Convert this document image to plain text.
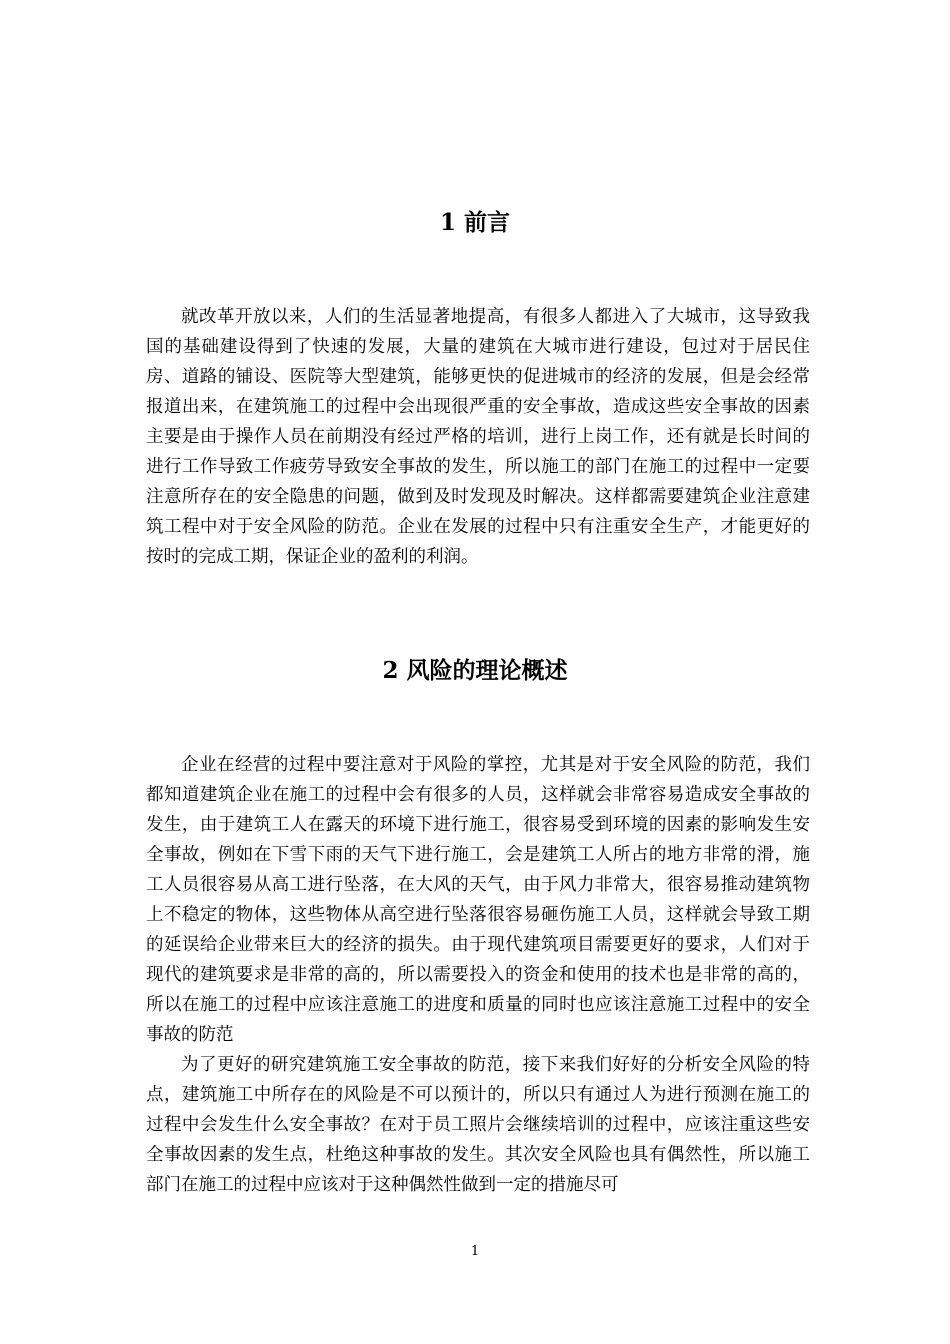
1 前言

就改革开放以来，人们的生活显著地提高，有很多人都进入了大城市，这导致我国的基础建设得到了快速的发展，大量的建筑在大城市进行建设，包过对于居民住房、道路的铺设、医院等大型建筑，能够更快的促进城市的经济的发展，但是会经常报道出来，在建筑施工的过程中会出现很严重的安全事故，造成这些安全事故的因素主要是由于操作人员在前期没有经过严格的培训，进行上岗工作，还有就是长时间的进行工作导致工作疲劳导致安全事故的发生，所以施工的部门在施工的过程中一定要注意所存在的安全隐患的问题，做到及时发现及时解决。这样都需要建筑企业注意建筑工程中对于安全风险的防范。企业在发展的过程中只有注重安全生产，才能更好的按时的完成工期，保证企业的盈利的利润。

2 风险的理论概述

企业在经营的过程中要注意对于风险的掌控，尤其是对于安全风险的防范，我们都知道建筑企业在施工的过程中会有很多的人员，这样就会非常容易造成安全事故的发生，由于建筑工人在露天的环境下进行施工，很容易受到环境的因素的影响发生安全事故，例如在下雪下雨的天气下进行施工，会是建筑工人所占的地方非常的滑，施工人员很容易从高工进行坠落，在大风的天气，由于风力非常大，很容易推动建筑物上不稳定的物体，这些物体从高空进行坠落很容易砸伤施工人员，这样就会导致工期的延误给企业带来巨大的经济的损失。由于现代建筑项目需要更好的要求，人们对于现代的建筑要求是非常的高的，所以需要投入的资金和使用的技术也是非常的高的，所以在施工的过程中应该注意施工的进度和质量的同时也应该注意施工过程中的安全事故的防范

为了更好的研究建筑施工安全事故的防范，接下来我们好好的分析安全风险的特点，建筑施工中所存在的风险是不可以预计的，所以只有通过人为进行预测在施工的过程中会发生什么安全事故？在对于员工照片会继续培训的过程中，应该注重这些安全事故因素的发生点，杜绝这种事故的发生。其次安全风险也具有偶然性，所以施工部门在施工的过程中应该对于这种偶然性做到一定的措施尽可

1
